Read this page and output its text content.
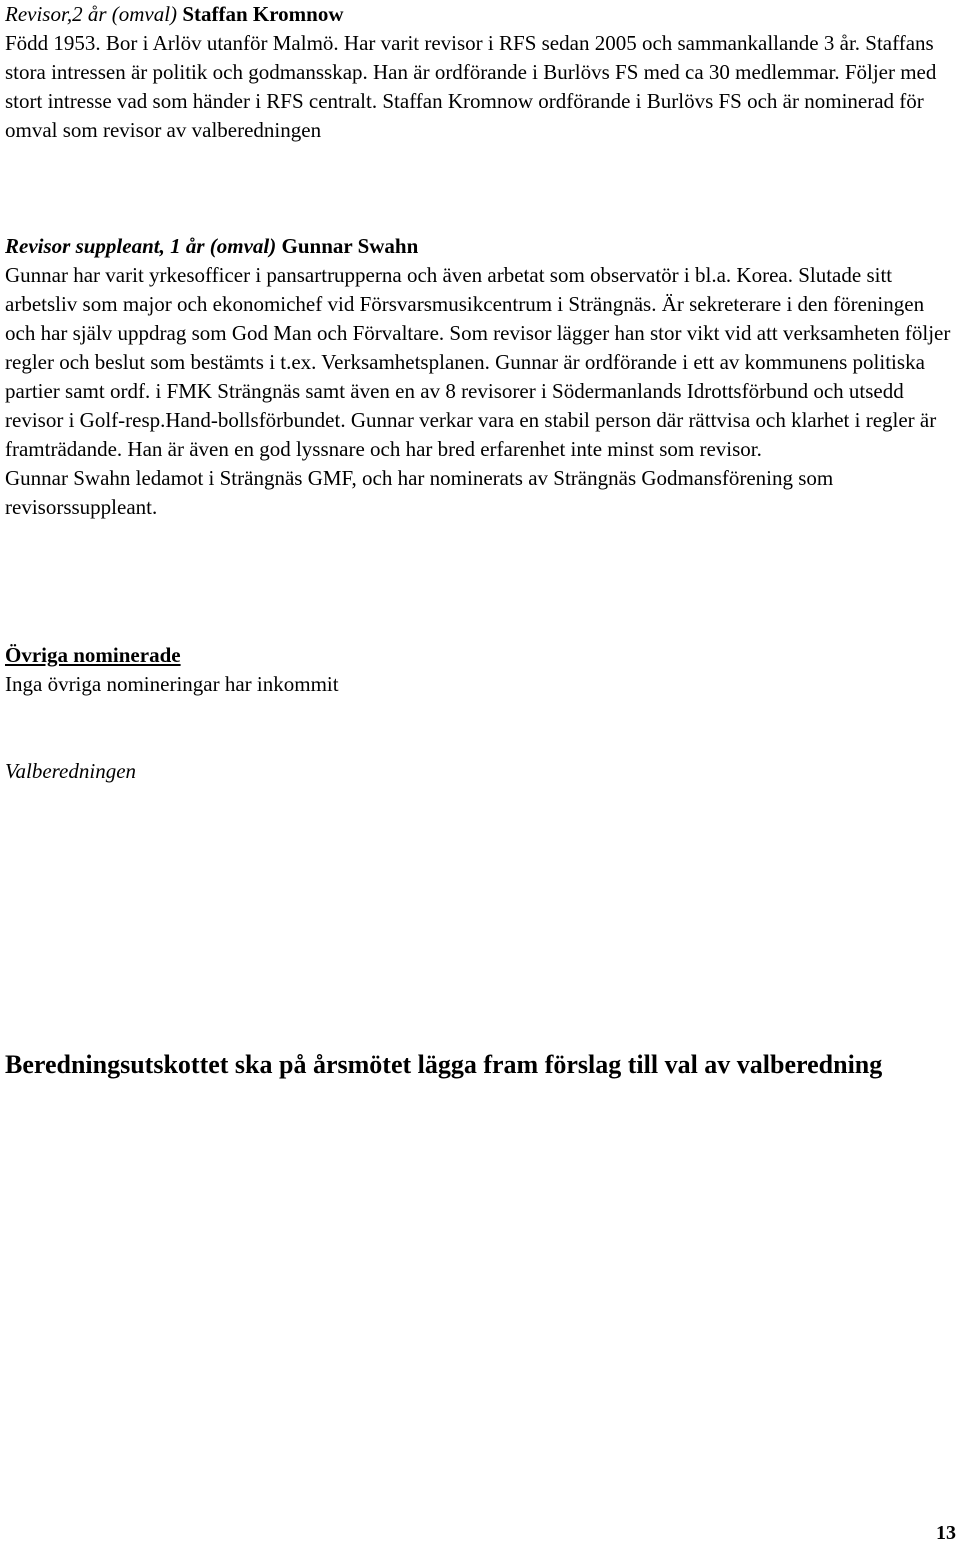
Revisor,2 år (omval) Staffan Kromnow

Född 1953. Bor i Arlöv utanför Malmö. Har varit revisor i RFS sedan 2005 och sammankallande 3 år. Staffans stora intressen är politik och godmansskap. Han är ordförande i Burlövs FS med ca 30 medlemmar. Följer med stort intresse vad som händer i RFS centralt. Staffan Kromnow ordförande i Burlövs FS och är nominerad för omval som revisor av valberedningen

Revisor suppleant, 1 år (omval) Gunnar Swahn

Gunnar har varit yrkesofficer i pansartrupperna och även arbetat som observatör i bl.a. Korea. Slutade sitt arbetsliv som major och ekonomichef vid Försvarsmusikcentrum i Strängnäs. Är sekreterare i den föreningen och har själv uppdrag som God Man och Förvaltare. Som revisor lägger han stor vikt vid att verksamheten följer regler och beslut som bestämts i t.ex. Verksamhetsplanen. Gunnar är ordförande i ett av kommunens politiska partier samt ordf. i FMK Strängnäs samt även en av 8 revisorer i Södermanlands Idrottsförbund och utsedd revisor i Golf-resp.Hand-bollsförbundet. Gunnar verkar vara en stabil person där rättvisa och klarhet i regler är framträdande. Han är även en god lyssnare och har bred erfarenhet inte minst som revisor.

Gunnar Swahn ledamot i Strängnäs GMF, och har nominerats av Strängnäs Godmansförening som revisorssuppleant.

Övriga nominerade

Inga övriga nomineringar har inkommit

Valberedningen

Beredningsutskottet ska på årsmötet lägga fram förslag till val av valberedning
13
